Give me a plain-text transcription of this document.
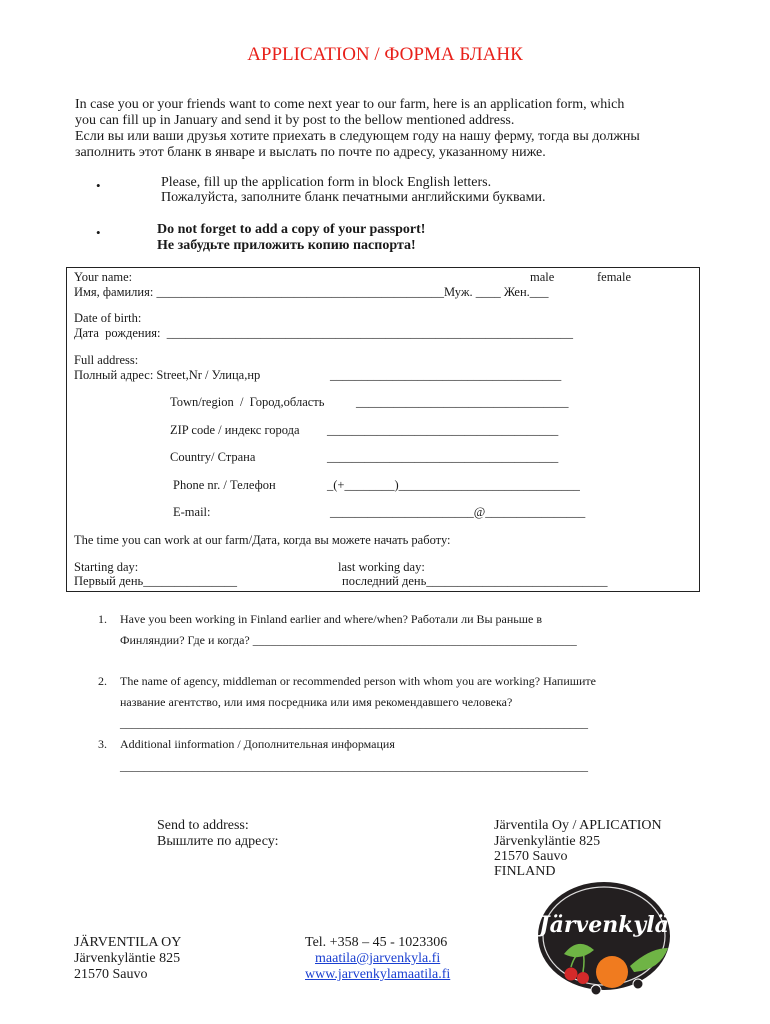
APPLICATION / ФОРМА БЛАНК
In case you or your friends want to come next year to our farm, here is an application form, which
you can fill up in January and send it by post to the bellow mentioned address.
Если вы или ваши друзья хотите приехать в следующем году на нашу ферму, тогда вы должны
заполнить этот бланк в январе и выслать по почте по адресу, указанному ниже.
•	Please, fill up the application form in block English letters.
Пожалуйста, заполните бланк печатными английскими буквами.
•	Do not forget to add a copy of your passport!
Не забудьте приложить копию паспорта!
Your name:	male	female
Имя, фамилия: ______________________________________________Муж. ____ Жен.___
Date of birth:
Дата  рождения:  _________________________________________________________________
Full address:
Полный адрес: Street,Nr / Улица,нр	_____________________________________
Town/region  /  Город,область	__________________________________
ZIP code / индекс города _____________________________________
Country/ Страна	_____________________________________
Phone nr. / Телефон	_(+________)_____________________________
E-mail:	_______________________@________________
The time you can work at our farm/Дата, когда вы можете начать работу:
Starting day:
Первый день_______________
last working day:
последний день_____________________________
1. Have you been working in Finland earlier and where/when? Работали ли Вы раньше в
Финляндии? Где и когда? ______________________________________________________
2. The name of agency, middleman or recommended person with whom you are working? Напишите
название агентство, или имя посредника или имя рекомендавшего человека?
______________________________________________________________________________
3. Additional iinformation / Дополнительная информация
______________________________________________________________________________
Send to address:
Вышлите по адресу:
Järventila Oy / APLICATION
Järvenkyläntie 825
21570 Sauvo
FINLAND
JÄRVENTILA OY
Järvenkyläntie 825
21570 Sauvo
Tel. +358 – 45 - 1023306
maatila@jarvenkyla.fi
www.jarvenkylamaatila.fi
Järvenkylä
